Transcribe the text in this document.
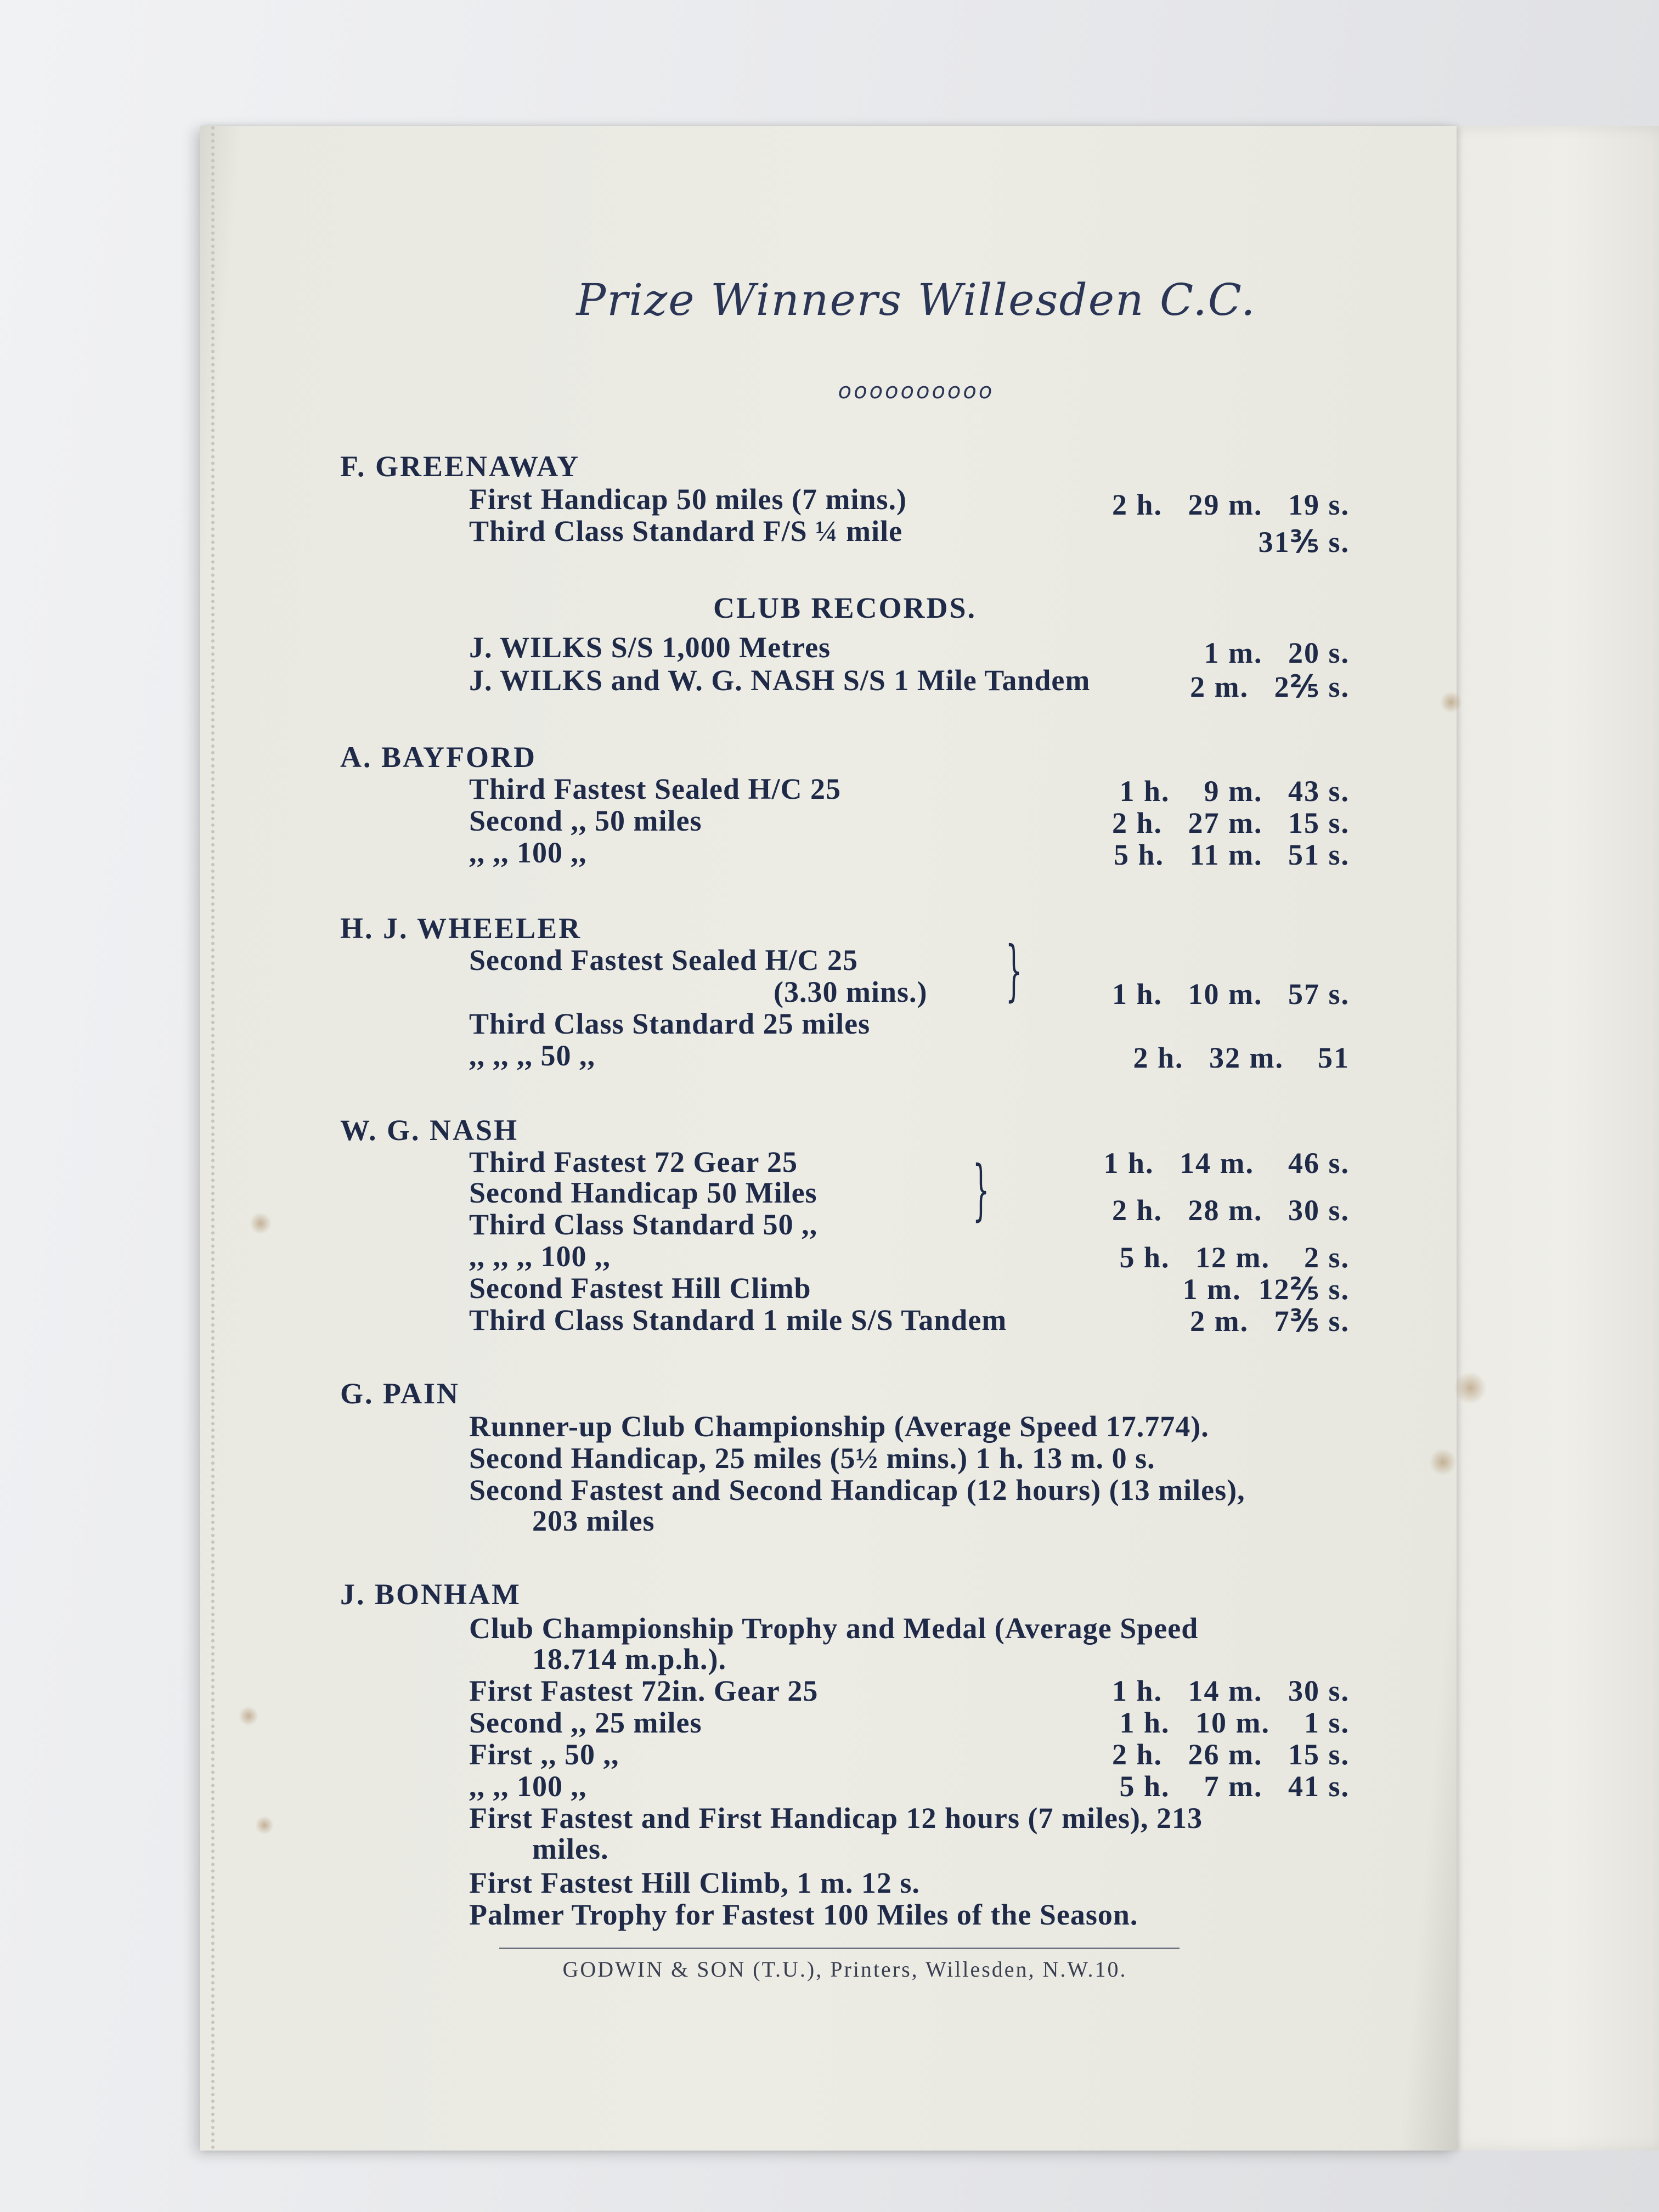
Prize Winners Willesden C.C.
oooooooooo
F. GREENAWAY
First Handicap 50 miles (7 mins.)	2 h.   29 m.   19 s.
Third Class Standard F/S ¼ mile	31⅗ s.
CLUB RECORDS.
J. WILKS S/S 1,000 Metres	1 m.   20 s.
J. WILKS and W. G. NASH S/S 1 Mile Tandem	2 m.   2⅖ s.
A. BAYFORD
Third Fastest Sealed H/C 25	1 h.    9 m.   43 s.
Second ,, 50 miles	2 h.   27 m.   15 s.
,, ,, 100 ,,	5 h.   11 m.   51 s.
H. J. WHEELER
Second Fastest Sealed H/C 25
(3.30 mins.) }	1 h.   10 m.   57 s.
Third Class Standard 25 miles
,, ,, ,, 50 ,,	2 h.   32 m.    51
W. G. NASH
Third Fastest 72 Gear 25	1 h.   14 m.    46 s.
Second Handicap 50 Miles }	2 h.   28 m.   30 s.
Third Class Standard 50 ,,
,, ,, ,, 100 ,,	5 h.   12 m.    2 s.
Second Fastest Hill Climb	1 m.  12⅖ s.
Third Class Standard 1 mile S/S Tandem	2 m.   7⅗ s.
G. PAIN
Runner-up Club Championship (Average Speed 17.774).
Second Handicap, 25 miles (5½ mins.) 1 h. 13 m. 0 s.
Second Fastest and Second Handicap (12 hours) (13 miles),
203 miles
J. BONHAM
Club Championship Trophy and Medal (Average Speed
18.714 m.p.h.).
First Fastest 72in. Gear 25	1 h.   14 m.   30 s.
Second ,, 25 miles	1 h.   10 m.    1 s.
First ,, 50 ,,	2 h.   26 m.   15 s.
,, ,, 100 ,,	5 h.    7 m.   41 s.
First Fastest and First Handicap 12 hours (7 miles), 213
miles.
First Fastest Hill Climb, 1 m. 12 s.
Palmer Trophy for Fastest 100 Miles of the Season.
GODWIN & SON (T.U.), Printers, Willesden, N.W.10.
